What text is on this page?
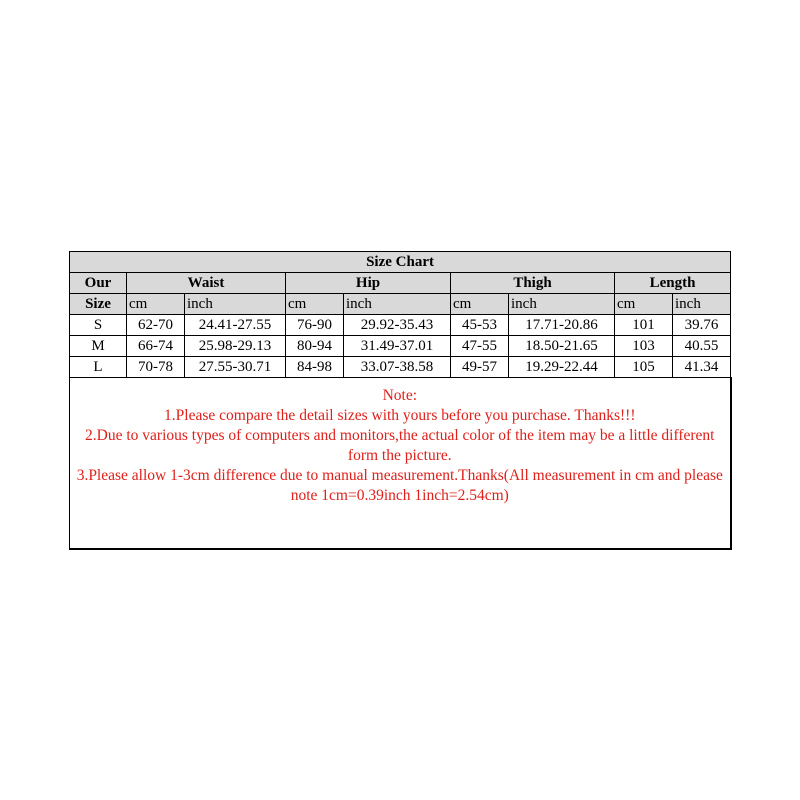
Size Chart								
Our	Waist		Hip		Thigh		Length	
Size	cm	inch	cm	inch	cm	inch	cm	inch
S	62-70	24.41-27.55	76-90	29.92-35.43	45-53	17.71-20.86	101	39.76
M	66-74	25.98-29.13	80-94	31.49-37.01	47-55	18.50-21.65	103	40.55
L	70-78	27.55-30.71	84-98	33.07-38.58	49-57	19.29-22.44	105	41.34

Note:
1.Please compare the detail sizes with yours before you purchase. Thanks!!!
2.Due to various types of computers and monitors,the actual color of the item may be a little different form the picture.
3.Please allow 1-3cm difference due to manual measurement.Thanks(All measurement in cm and please note 1cm=0.39inch 1inch=2.54cm)								
